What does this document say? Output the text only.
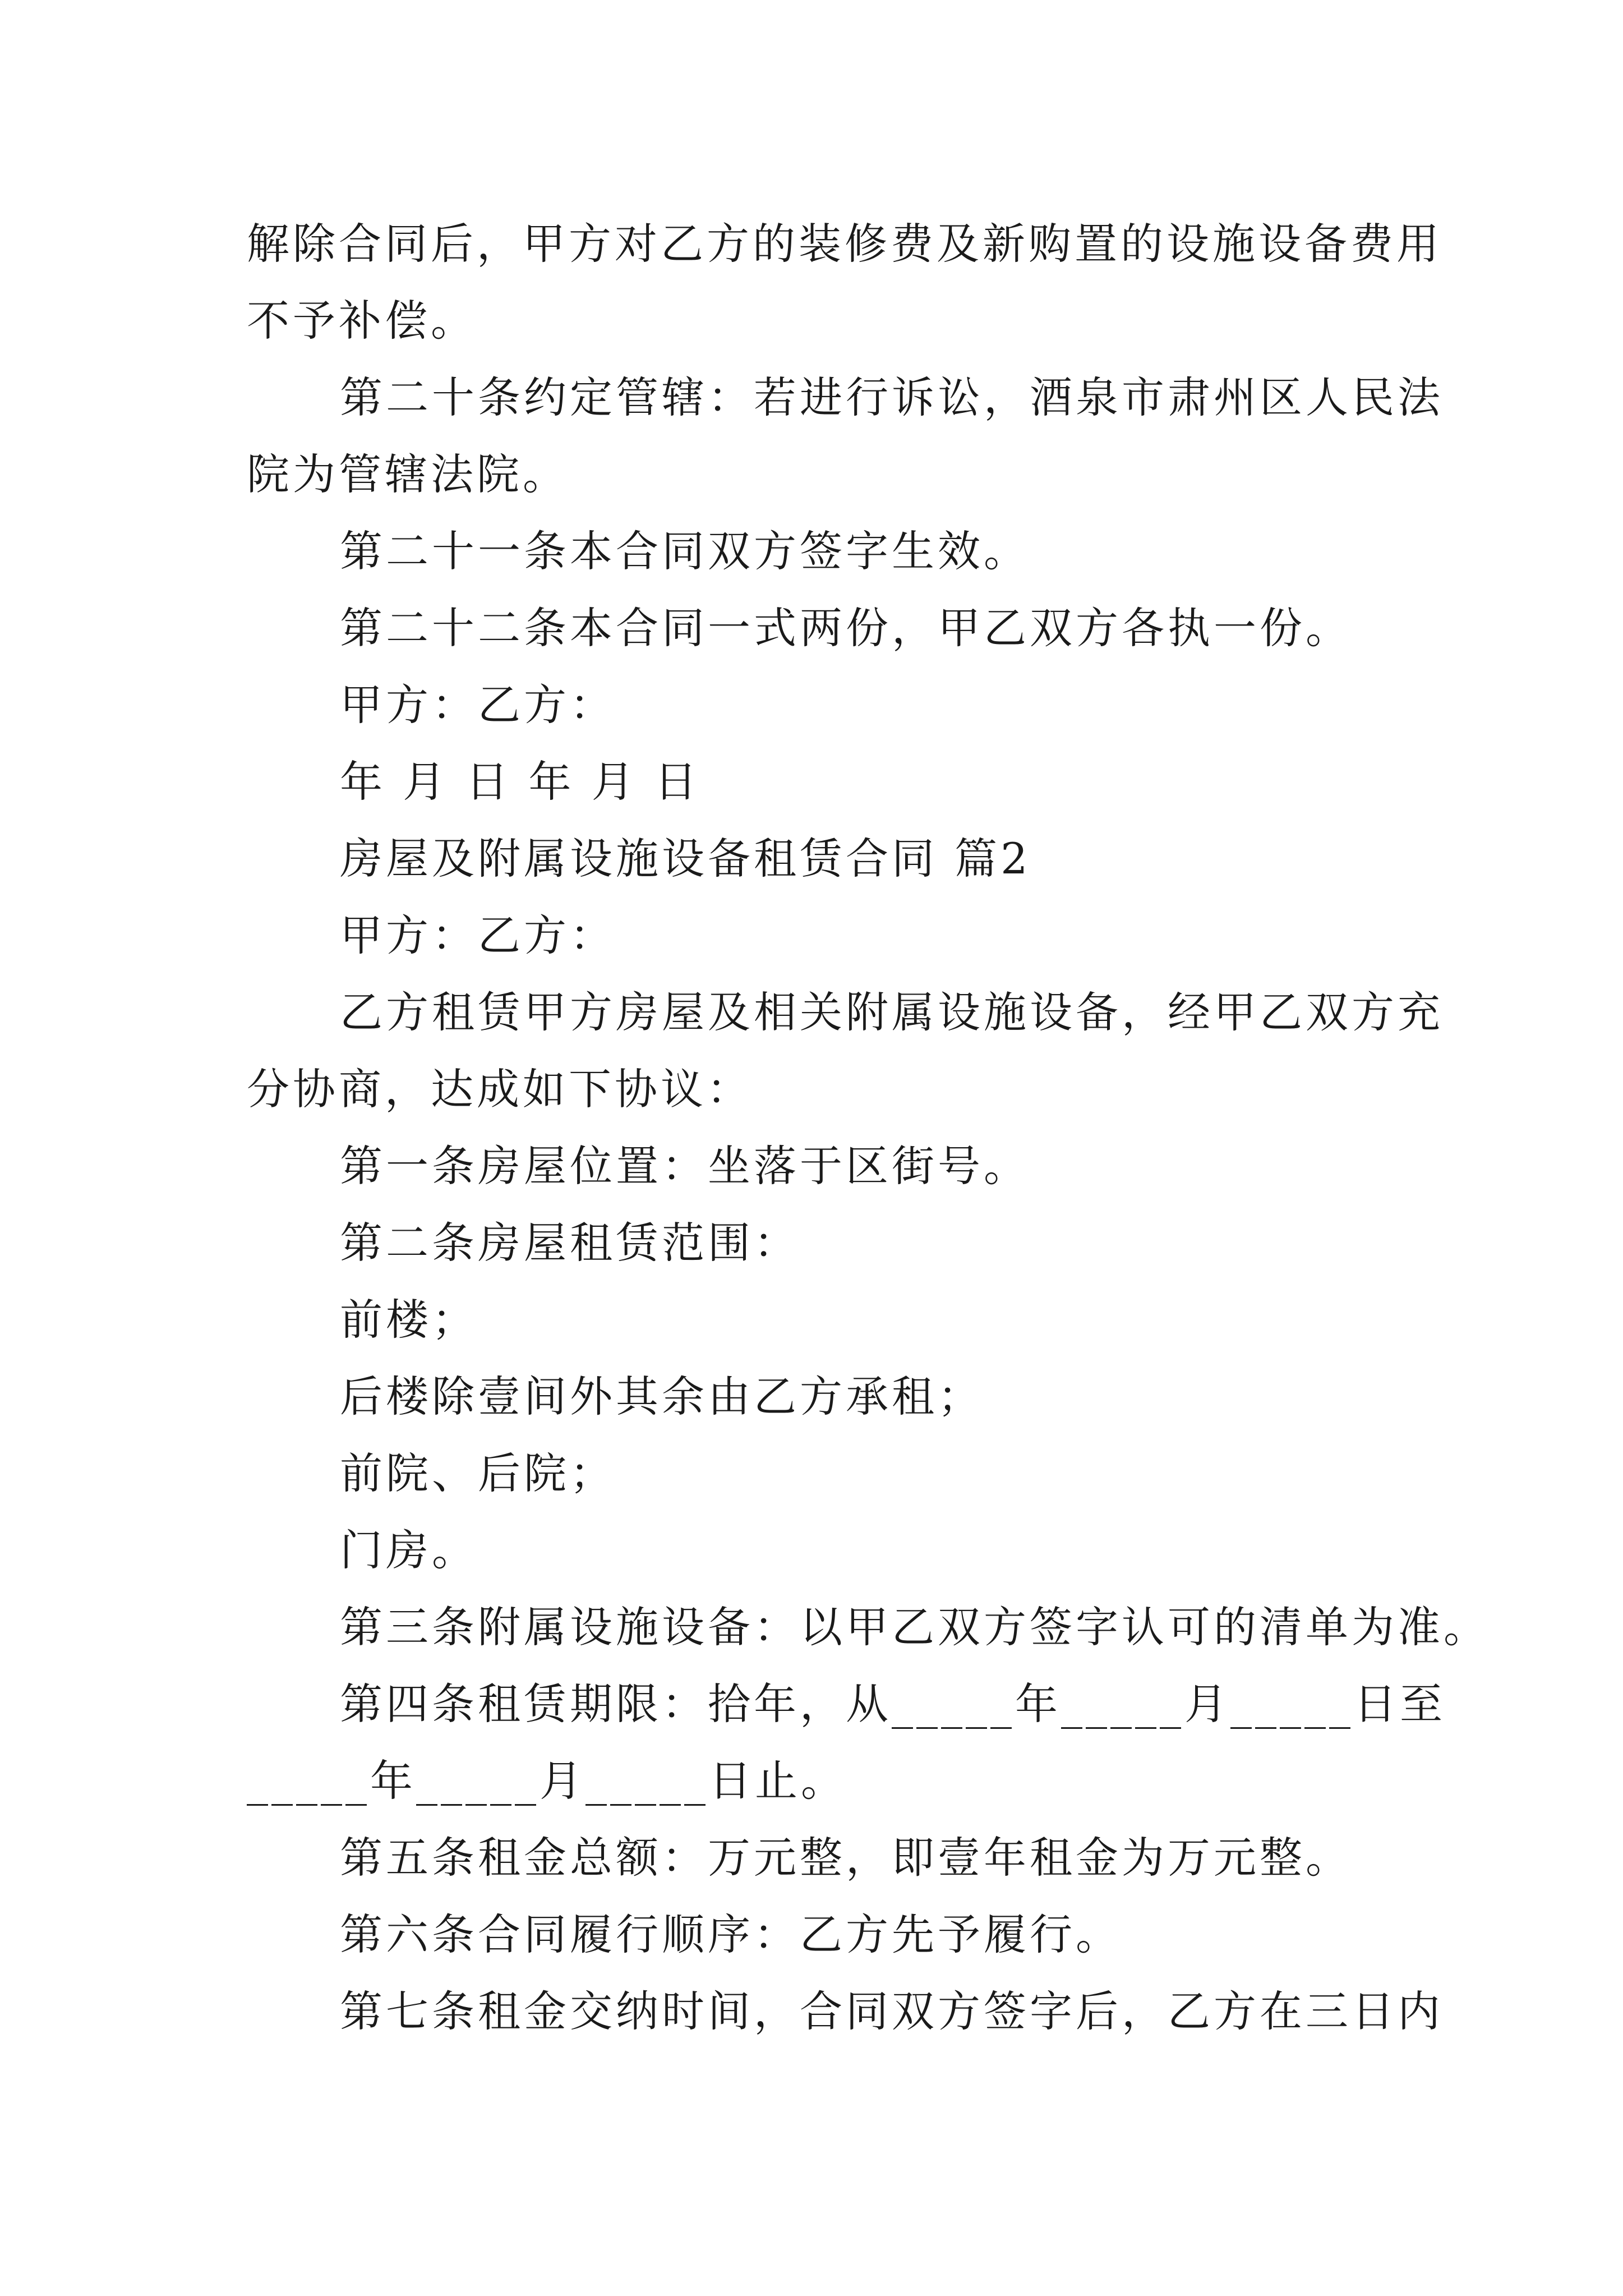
解除合同后，甲方对乙方的装修费及新购置的设施设备费用
不予补偿。
第二十条约定管辖：若进行诉讼，酒泉市肃州区人民法
院为管辖法院。
第二十一条本合同双方签字生效。
第二十二条本合同一式两份，甲乙双方各执一份。
甲方：乙方：
年 月 日 年 月 日
房屋及附属设施设备租赁合同 篇2
甲方：乙方：
乙方租赁甲方房屋及相关附属设施设备，经甲乙双方充
分协商，达成如下协议：
第一条房屋位置：坐落于区街号。
第二条房屋租赁范围：
前楼；
后楼除壹间外其余由乙方承租；
前院、后院；
门房。
第三条附属设施设备：以甲乙双方签字认可的清单为准。
第四条租赁期限：拾年，从_____年_____月_____日至
_____年_____月_____日止。
第五条租金总额：万元整，即壹年租金为万元整。
第六条合同履行顺序：乙方先予履行。
第七条租金交纳时间，合同双方签字后，乙方在三日内
